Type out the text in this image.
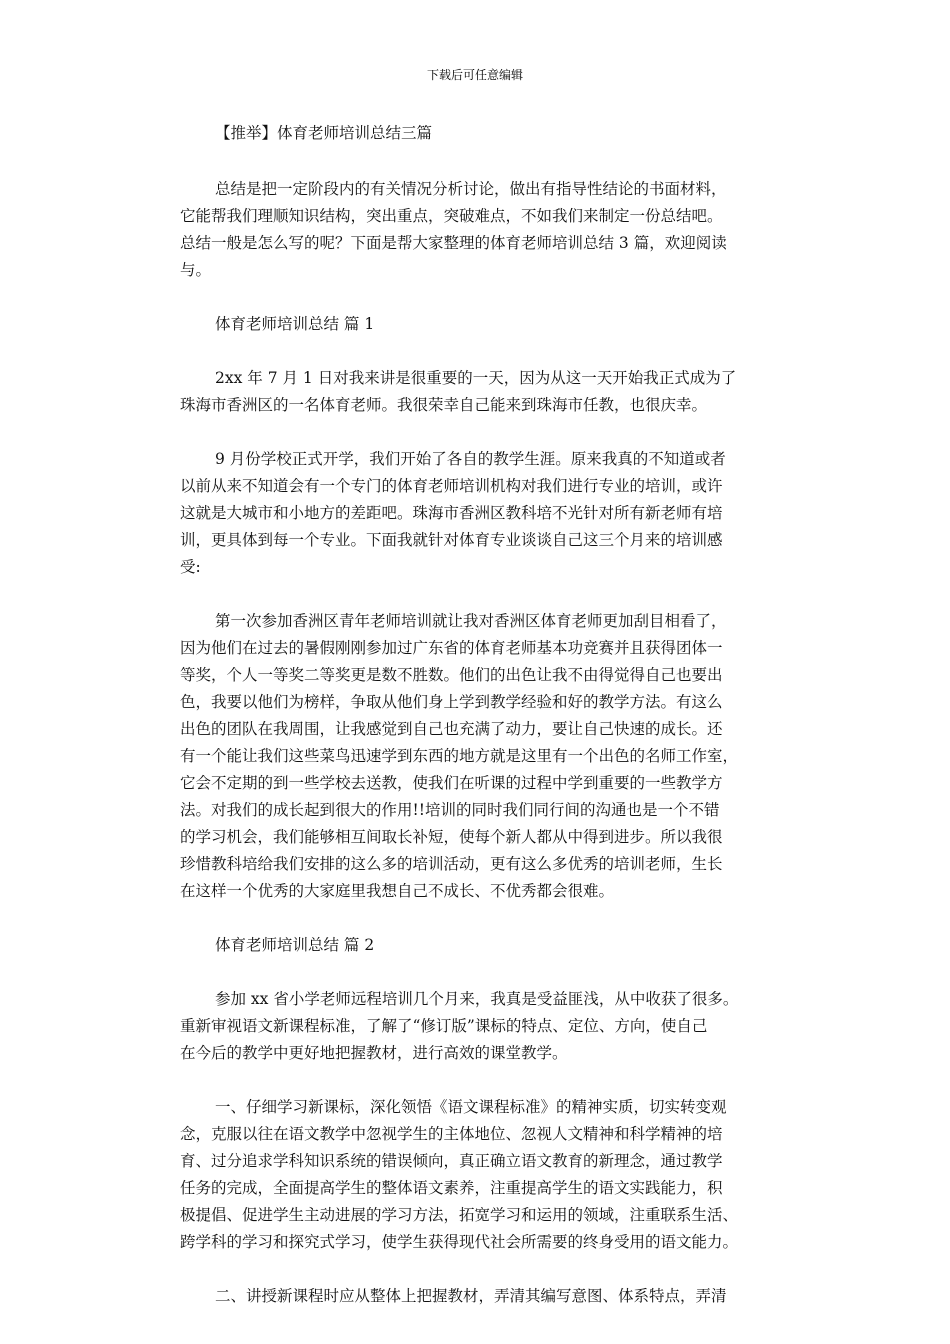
下载后可任意编辑

【推举】体育老师培训总结三篇

总结是把一定阶段内的有关情况分析讨论，做出有指导性结论的书面材料，

它能帮我们理顺知识结构，突出重点，突破难点，不如我们来制定一份总结吧。

总结一般是怎么写的呢？下面是帮大家整理的体育老师培训总结 3 篇，欢迎阅读

与。

体育老师培训总结 篇 1

2xx 年 7 月 1 日对我来讲是很重要的一天，因为从这一天开始我正式成为了

珠海市香洲区的一名体育老师。我很荣幸自己能来到珠海市任教，也很庆幸。

9 月份学校正式开学，我们开始了各自的教学生涯。原来我真的不知道或者

以前从来不知道会有一个专门的体育老师培训机构对我们进行专业的培训，或许

这就是大城市和小地方的差距吧。珠海市香洲区教科培不光针对所有新老师有培

训，更具体到每一个专业。下面我就针对体育专业谈谈自己这三个月来的培训感

受:

第一次参加香洲区青年老师培训就让我对香洲区体育老师更加刮目相看了，

因为他们在过去的暑假刚刚参加过广东省的体育老师基本功竞赛并且获得团体一

等奖，个人一等奖二等奖更是数不胜数。他们的出色让我不由得觉得自己也要出

色，我要以他们为榜样，争取从他们身上学到教学经验和好的教学方法。有这么

出色的团队在我周围，让我感觉到自己也充满了动力，要让自己快速的成长。还

有一个能让我们这些菜鸟迅速学到东西的地方就是这里有一个出色的名师工作室，

它会不定期的到一些学校去送教，使我们在听课的过程中学到重要的一些教学方

法。对我们的成长起到很大的作用!!培训的同时我们同行间的沟通也是一个不错

的学习机会，我们能够相互间取长补短，使每个新人都从中得到进步。所以我很

珍惜教科培给我们安排的这么多的培训活动，更有这么多优秀的培训老师，生长

在这样一个优秀的大家庭里我想自己不成长、不优秀都会很难。

体育老师培训总结 篇 2

参加 xx 省小学老师远程培训几个月来，我真是受益匪浅，从中收获了很多。

重新审视语文新课程标准，了解了“修订版”课标的特点、定位、方向，使自己

在今后的教学中更好地把握教材，进行高效的课堂教学。

一、仔细学习新课标，深化领悟《语文课程标准》的精神实质，切实转变观

念，克服以往在语文教学中忽视学生的主体地位、忽视人文精神和科学精神的培

育、过分追求学科知识系统的错误倾向，真正确立语文教育的新理念，通过教学

任务的完成，全面提高学生的整体语文素养，注重提高学生的语文实践能力，积

极提倡、促进学生主动进展的学习方法，拓宽学习和运用的领域，注重联系生活、

跨学科的学习和探究式学习，使学生获得现代社会所需要的终身受用的语文能力。

二、讲授新课程时应从整体上把握教材，弄清其编写意图、体系特点，弄清
